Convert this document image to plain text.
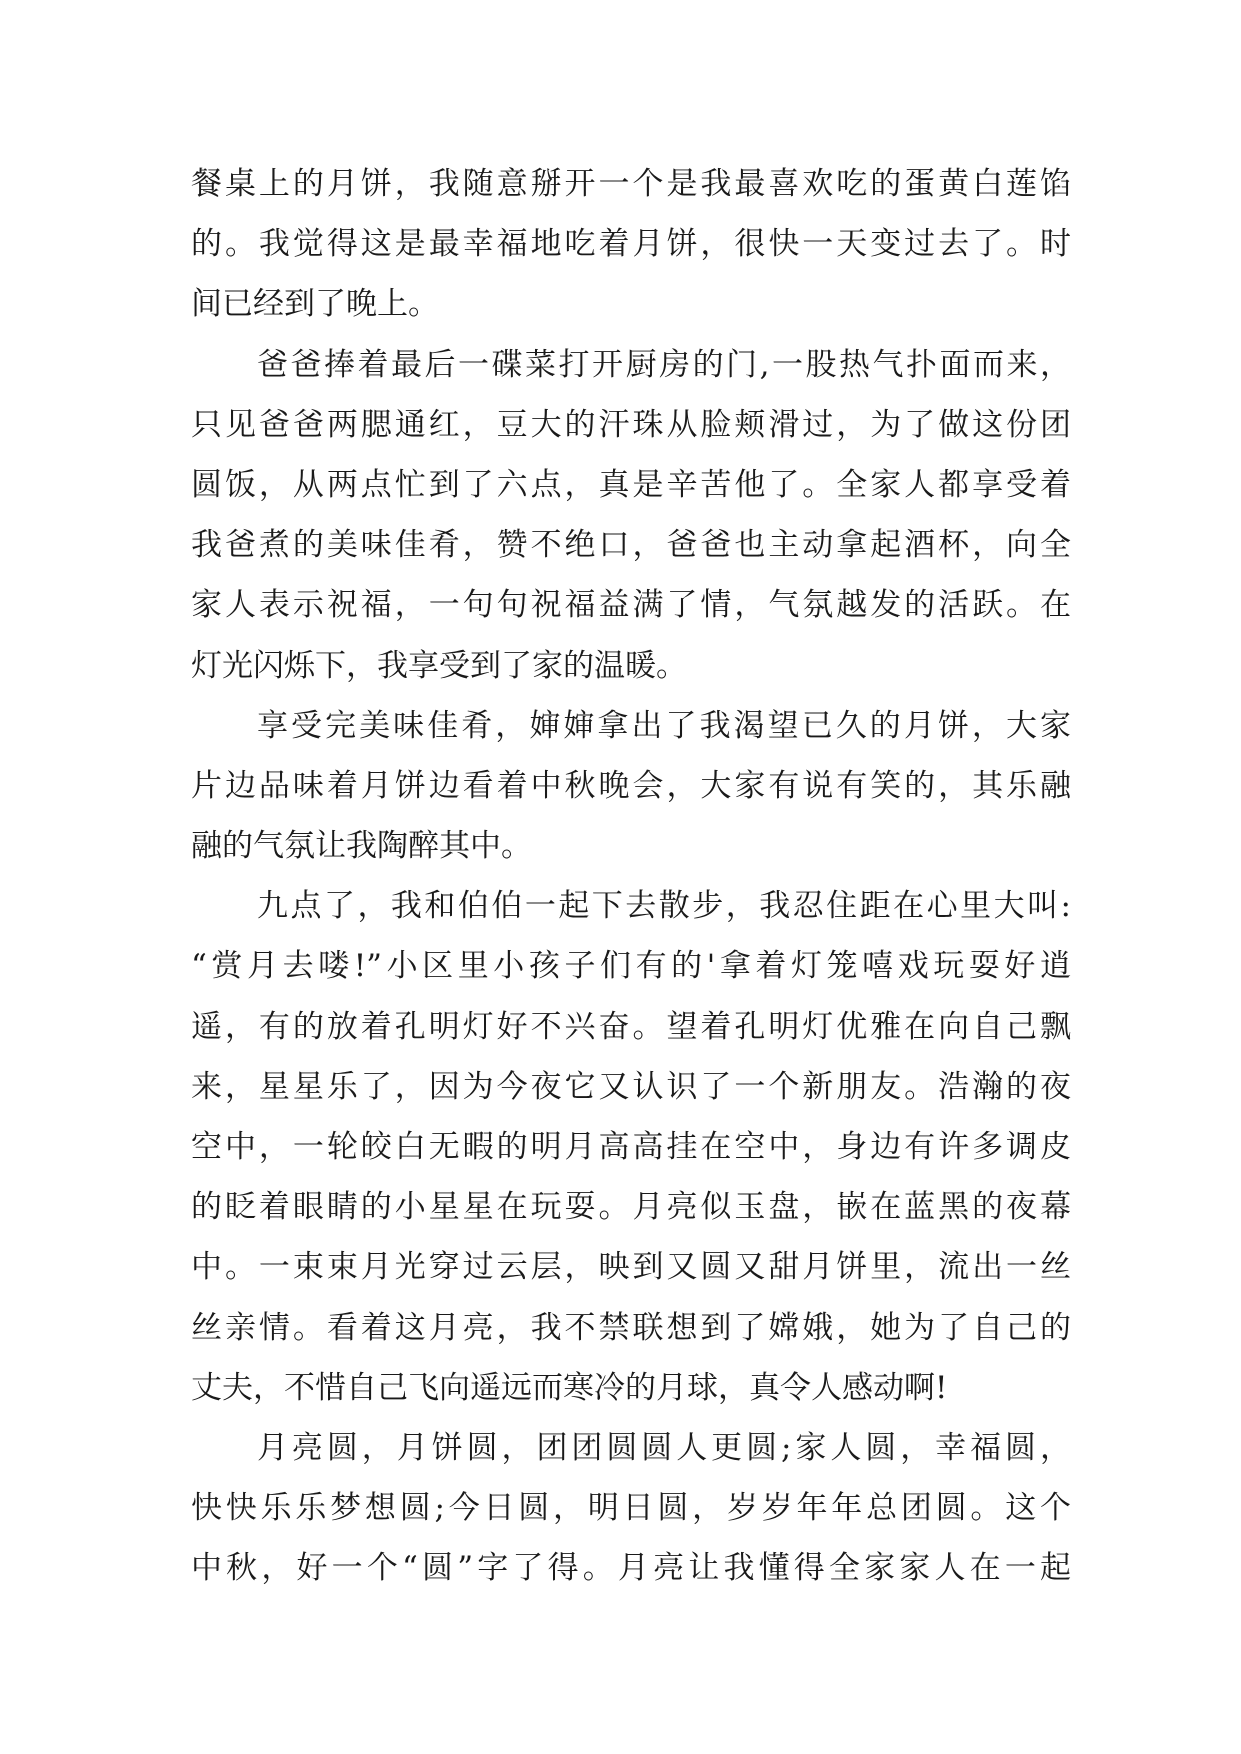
餐桌上的月饼，我随意掰开一个是我最喜欢吃的蛋黄白莲馅
的。我觉得这是最幸福地吃着月饼，很快一天变过去了。时
间已经到了晚上。
爸爸捧着最后一碟菜打开厨房的门,一股热气扑面而来，
只见爸爸两腮通红，豆大的汗珠从脸颊滑过，为了做这份团
圆饭，从两点忙到了六点，真是辛苦他了。全家人都享受着
我爸煮的美味佳肴，赞不绝口，爸爸也主动拿起酒杯，向全
家人表示祝福，一句句祝福益满了情，气氛越发的活跃。在
灯光闪烁下，我享受到了家的温暖。
享受完美味佳肴，婶婶拿出了我渴望已久的月饼，大家
片边品味着月饼边看着中秋晚会，大家有说有笑的，其乐融
融的气氛让我陶醉其中。
九点了，我和伯伯一起下去散步，我忍住距在心里大叫:
“赏月去喽!”小区里小孩子们有的'拿着灯笼嘻戏玩耍好逍
遥，有的放着孔明灯好不兴奋。望着孔明灯优雅在向自己飘
来，星星乐了，因为今夜它又认识了一个新朋友。浩瀚的夜
空中，一轮皎白无暇的明月高高挂在空中，身边有许多调皮
的眨着眼睛的小星星在玩耍。月亮似玉盘，嵌在蓝黑的夜幕
中。一束束月光穿过云层，映到又圆又甜月饼里，流出一丝
丝亲情。看着这月亮，我不禁联想到了嫦娥，她为了自己的
丈夫，不惜自己飞向遥远而寒冷的月球，真令人感动啊!
月亮圆，月饼圆，团团圆圆人更圆;家人圆，幸福圆，
快快乐乐梦想圆;今日圆，明日圆，岁岁年年总团圆。这个
中秋，好一个“圆”字了得。月亮让我懂得全家家人在一起
